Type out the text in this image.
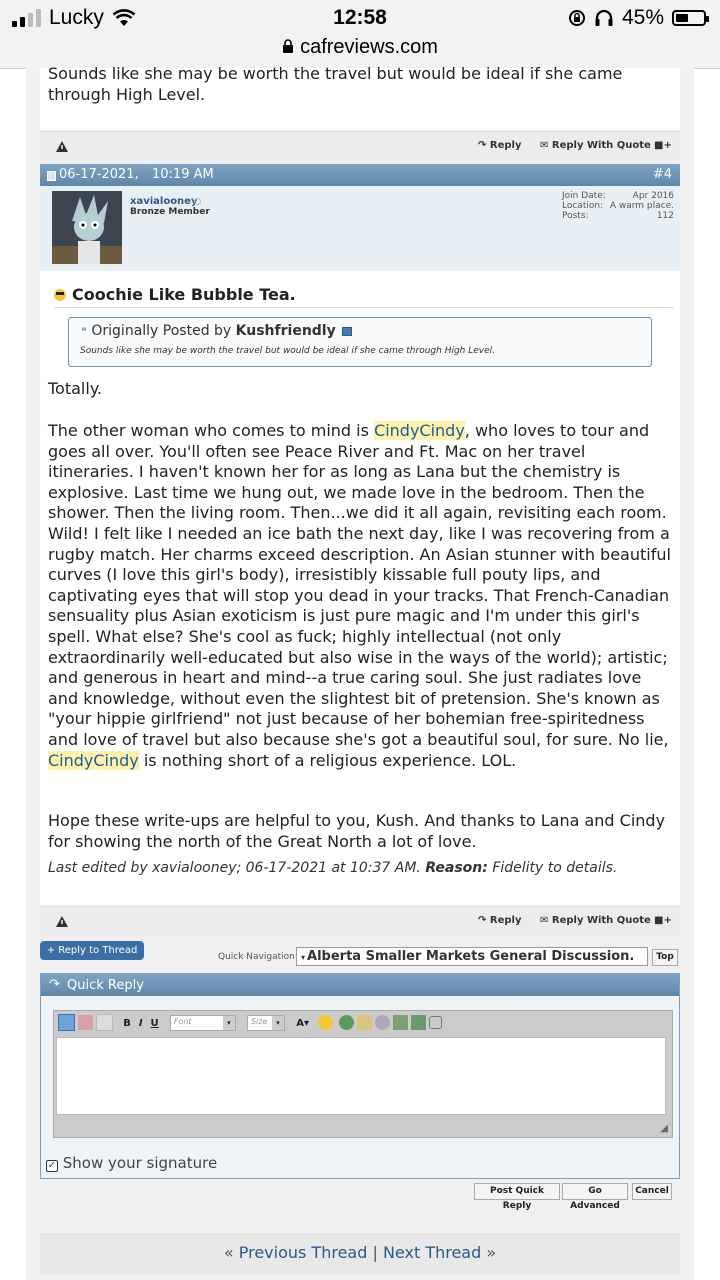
Lucky	12:58	45%
cafreviews.com
Sounds like she may be worth the travel but would be ideal if she came through High Level.
↷ Reply ✉ Reply With Quote ■+
06-17-2021, 10:19 AM	#4
xavialooney
Bronze Member
Join Date:	Apr 2016
Location: A warm place.
Posts:	112
Coochie Like Bubble Tea.
❝ Originally Posted by Kushfriendly
Sounds like she may be worth the travel but would be ideal if she came through High Level.
Totally.
The other woman who comes to mind is CindyCindy, who loves to tour and goes all over. You'll often see Peace River and Ft. Mac on her travel itineraries. I haven't known her for as long as Lana but the chemistry is explosive. Last time we hung out, we made love in the bedroom. Then the shower. Then the living room. Then...we did it all again, revisiting each room. Wild! I felt like I needed an ice bath the next day, like I was recovering from a rugby match. Her charms exceed description. An Asian stunner with beautiful curves (I love this girl's body), irresistibly kissable full pouty lips, and captivating eyes that will stop you dead in your tracks. That French-Canadian sensuality plus Asian exoticism is just pure magic and I'm under this girl's spell. What else? She's cool as fuck; highly intellectual (not only extraordinarily well-educated but also wise in the ways of the world); artistic; and generous in heart and mind--a true caring soul. She just radiates love and knowledge, without even the slightest bit of pretension. She's known as "your hippie girlfriend" not just because of her bohemian free-spiritedness and love of travel but also because she's got a beautiful soul, for sure. No lie, CindyCindy is nothing short of a religious experience. LOL.
Hope these write-ups are helpful to you, Kush. And thanks to Lana and Cindy for showing the north of the Great North a lot of love.
Last edited by xavialooney; 06-17-2021 at 10:37 AM. Reason: Fidelity to details.
↷ Reply ✉ Reply With Quote ■+
+ Reply to Thread
Quick Navigation ▾ Alberta Smaller Markets General Discussion.	Top
↷ Quick Reply
B I U Font	▾
	Size	▾	A▾
◢
✓ Show your signature
Post Quick Reply
Go Advanced
Cancel
« Previous Thread | Next Thread »
